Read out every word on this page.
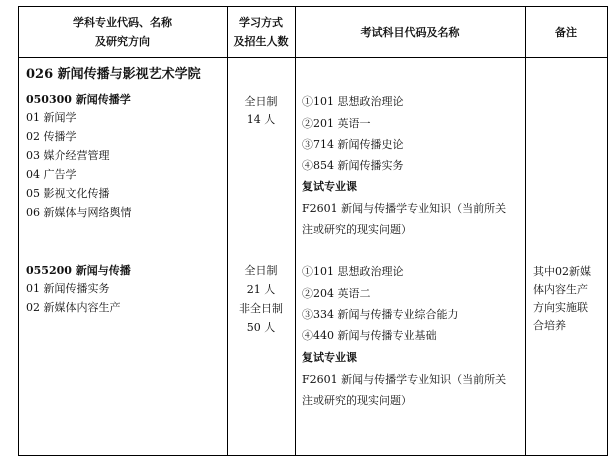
学科专业代码、名称
及研究方向
学习方式
及招生人数
考试科目代码及名称	备注
026 新闻传播与影视艺术学院
050300 新闻传播学
01 新闻学
02 传播学
03 媒介经营管理
04 广告学
05 影视文化传播
06 新媒体与网络舆情
全日制
14 人
①101 思想政治理论
②201 英语一
③714 新闻传播史论
④854 新闻传播实务
复试专业课
F2601 新闻与传播学专业知识（当前所关
注或研究的现实问题）
055200 新闻与传播
01 新闻传播实务
02 新媒体内容生产
全日制
21 人
非全日制
50 人
①101 思想政治理论
②204 英语二
③334 新闻与传播专业综合能力
④440 新闻与传播专业基础
复试专业课
F2601 新闻与传播学专业知识（当前所关
注或研究的现实问题）
其中02新媒
体内容生产
方向实施联
合培养
